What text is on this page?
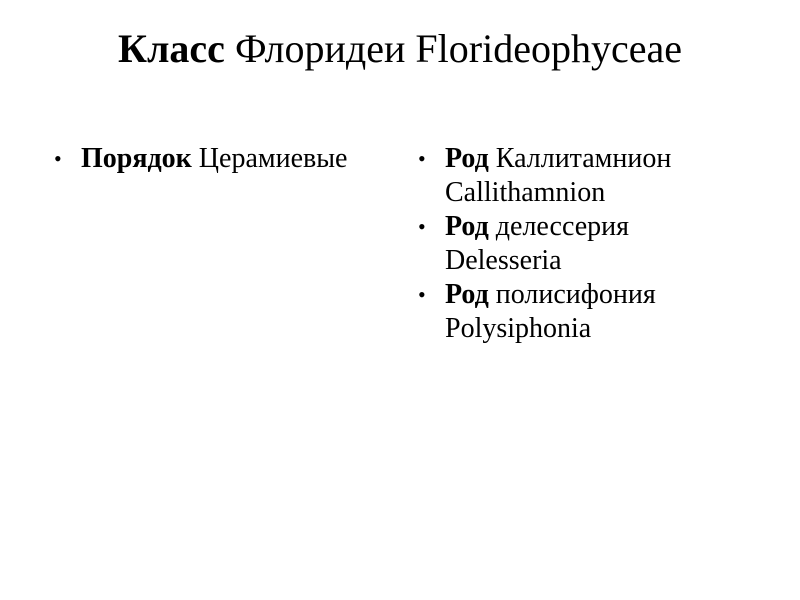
Класс Флоридеи Florideophyceae
• Порядок Церамиевые	• Род Каллитамнион
Callithamnion
• Род делессерия
Delesseria
• Род полисифония
Polysiphonia
